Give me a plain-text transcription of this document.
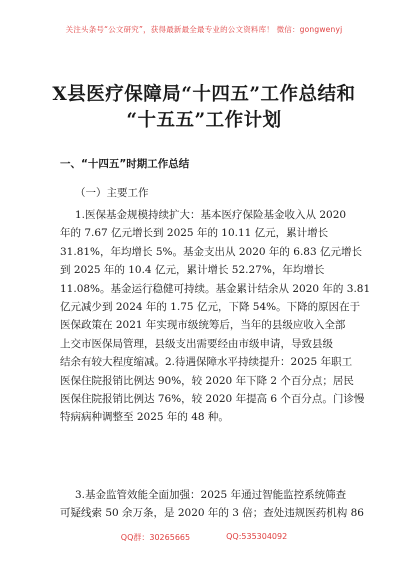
关注头条号“公文研究”，获得最新最全最专业的公文资料库！ 微信：gongwenyj
X县医疗保障局“十四五”工作总结和
“十五五”工作计划
一、“十四五”时期工作总结
（一）主要工作
1.医保基金规模持续扩大：基本医疗保险基金收入从 2020
年的 7.67 亿元增长到 2025 年的 10.11 亿元，累计增长
31.81%，年均增长 5%。基金支出从 2020 年的 6.83 亿元增长
到 2025 年的 10.4 亿元，累计增长 52.27%，年均增长
11.08%。基金运行稳健可持续。基金累计结余从 2020 年的 3.81
亿元减少到 2024 年的 1.75 亿元，下降 54%。下降的原因在于
医保政策在 2021 年实现市级统筹后，当年的县级应收入全部
上交市医保局管理，县级支出需要经由市级申请，导致县级
结余有较大程度缩减。2.待遇保障水平持续提升：2025 年职工
医保住院报销比例达 90%，较 2020 年下降 2 个百分点；居民
医保住院报销比例达 76%，较 2020 年提高 6 个百分点。门诊慢
特病病种调整至 2025 年的 48 种。
3.基金监管效能全面加强：2025 年通过智能监控系统筛查
可疑线索 50 余万条，是 2020 年的 3 倍；查处违规医药机构 86
QQ群：30265665	QQ:535304092
